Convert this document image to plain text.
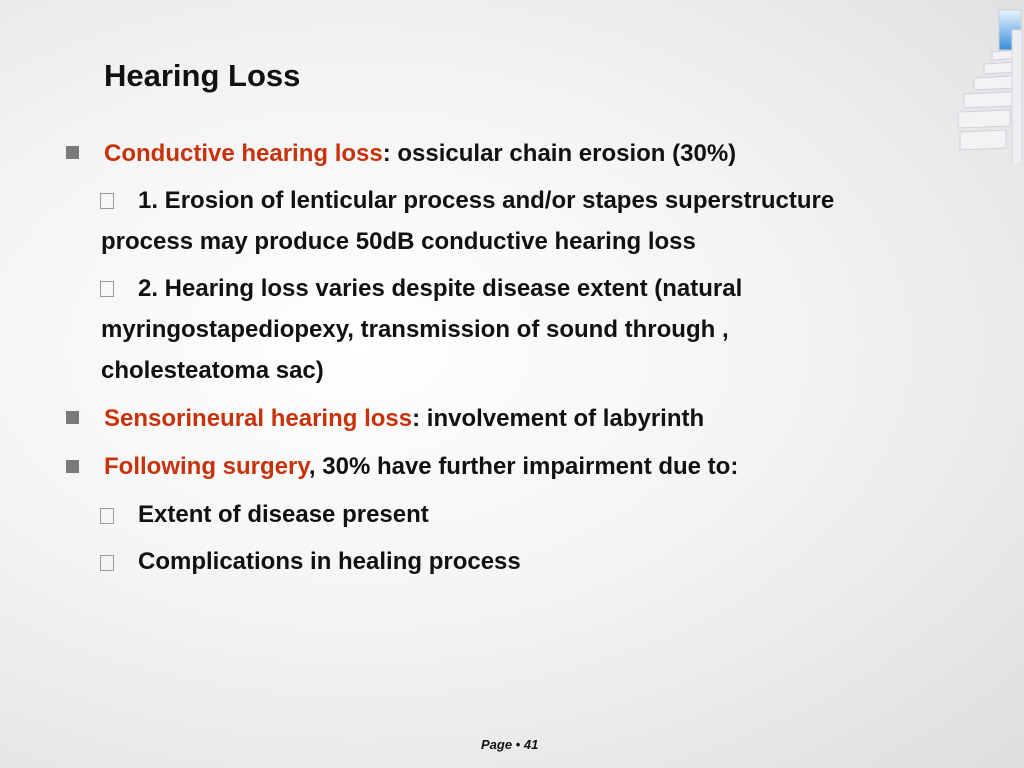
Hearing Loss
Conductive hearing loss: ossicular chain erosion (30%)
1. Erosion of lenticular process and/or stapes superstructure
process may produce 50dB conductive hearing loss
2. Hearing loss varies despite disease extent (natural
myringostapediopexy, transmission of sound through ,
cholesteatoma sac)
Sensorineural hearing loss: involvement of labyrinth
Following surgery, 30% have further impairment due to:
Extent of disease present
Complications in healing process
Page • 41
